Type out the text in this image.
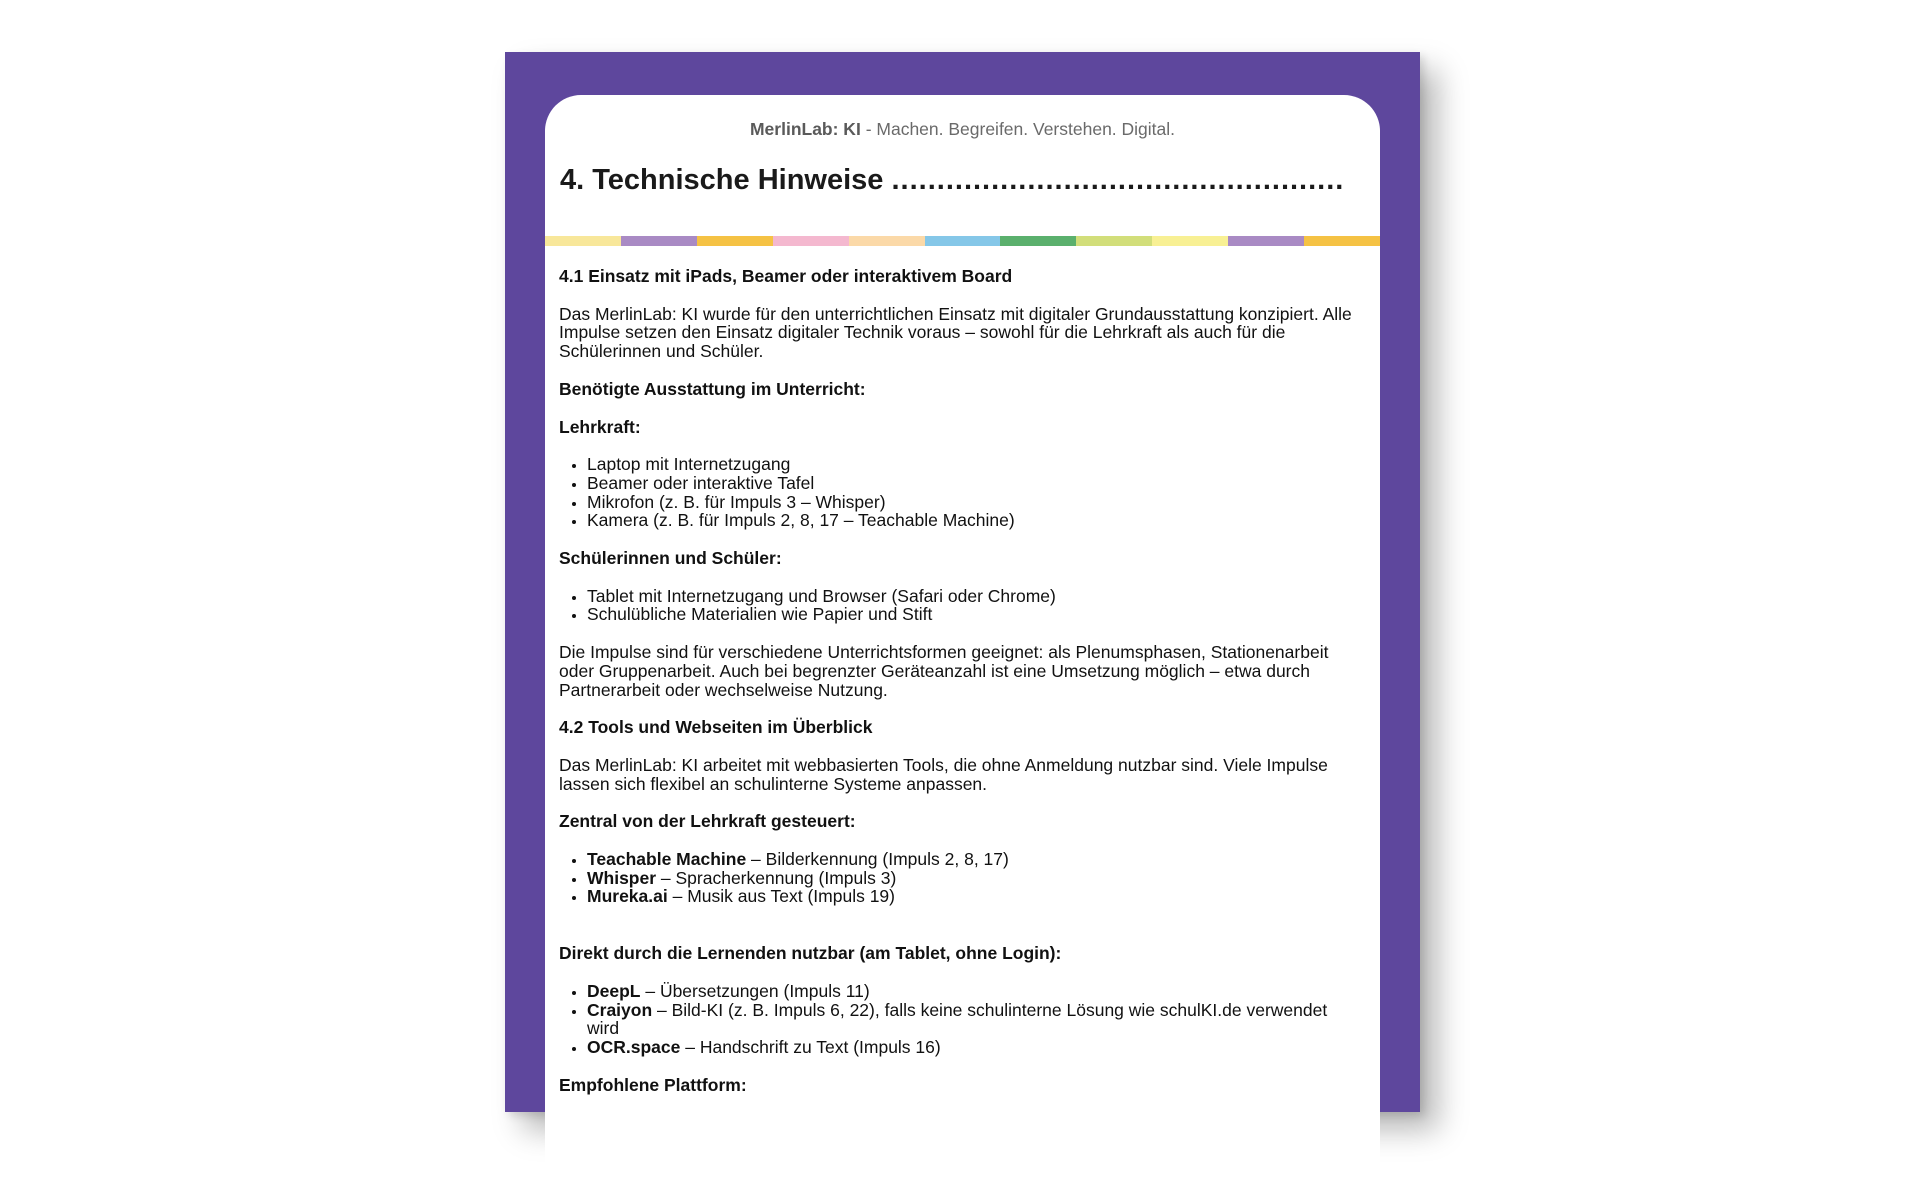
MerlinLab: KI - Machen. Begreifen. Verstehen. Digital.
4. Technische Hinweise ..................................................

4.1 Einsatz mit iPads, Beamer oder interaktivem Board

Das MerlinLab: KI wurde für den unterrichtlichen Einsatz mit digitaler Grundausstattung konzipiert. Alle Impulse setzen den Einsatz digitaler Technik voraus – sowohl für die Lehrkraft als auch für die Schülerinnen und Schüler.

Benötigte Ausstattung im Unterricht:

Lehrkraft:

• Laptop mit Internetzugang
• Beamer oder interaktive Tafel
• Mikrofon (z. B. für Impuls 3 – Whisper)
• Kamera (z. B. für Impuls 2, 8, 17 – Teachable Machine)

Schülerinnen und Schüler:

• Tablet mit Internetzugang und Browser (Safari oder Chrome)
• Schulübliche Materialien wie Papier und Stift

Die Impulse sind für verschiedene Unterrichtsformen geeignet: als Plenumsphasen, Stationenarbeit oder Gruppenarbeit. Auch bei begrenzter Geräteanzahl ist eine Umsetzung möglich – etwa durch Partnerarbeit oder wechselweise Nutzung.

4.2 Tools und Webseiten im Überblick

Das MerlinLab: KI arbeitet mit webbasierten Tools, die ohne Anmeldung nutzbar sind. Viele Impulse lassen sich flexibel an schulinterne Systeme anpassen.

Zentral von der Lehrkraft gesteuert:

• Teachable Machine – Bilderkennung (Impuls 2, 8, 17)
• Whisper – Spracherkennung (Impuls 3)
• Mureka.ai – Musik aus Text (Impuls 19)

Direkt durch die Lernenden nutzbar (am Tablet, ohne Login):

• DeepL – Übersetzungen (Impuls 11)
• Craiyon – Bild-KI (z. B. Impuls 6, 22), falls keine schulinterne Lösung wie schulKI.de verwendet wird
• OCR.space – Handschrift zu Text (Impuls 16)

Empfohlene Plattform:
